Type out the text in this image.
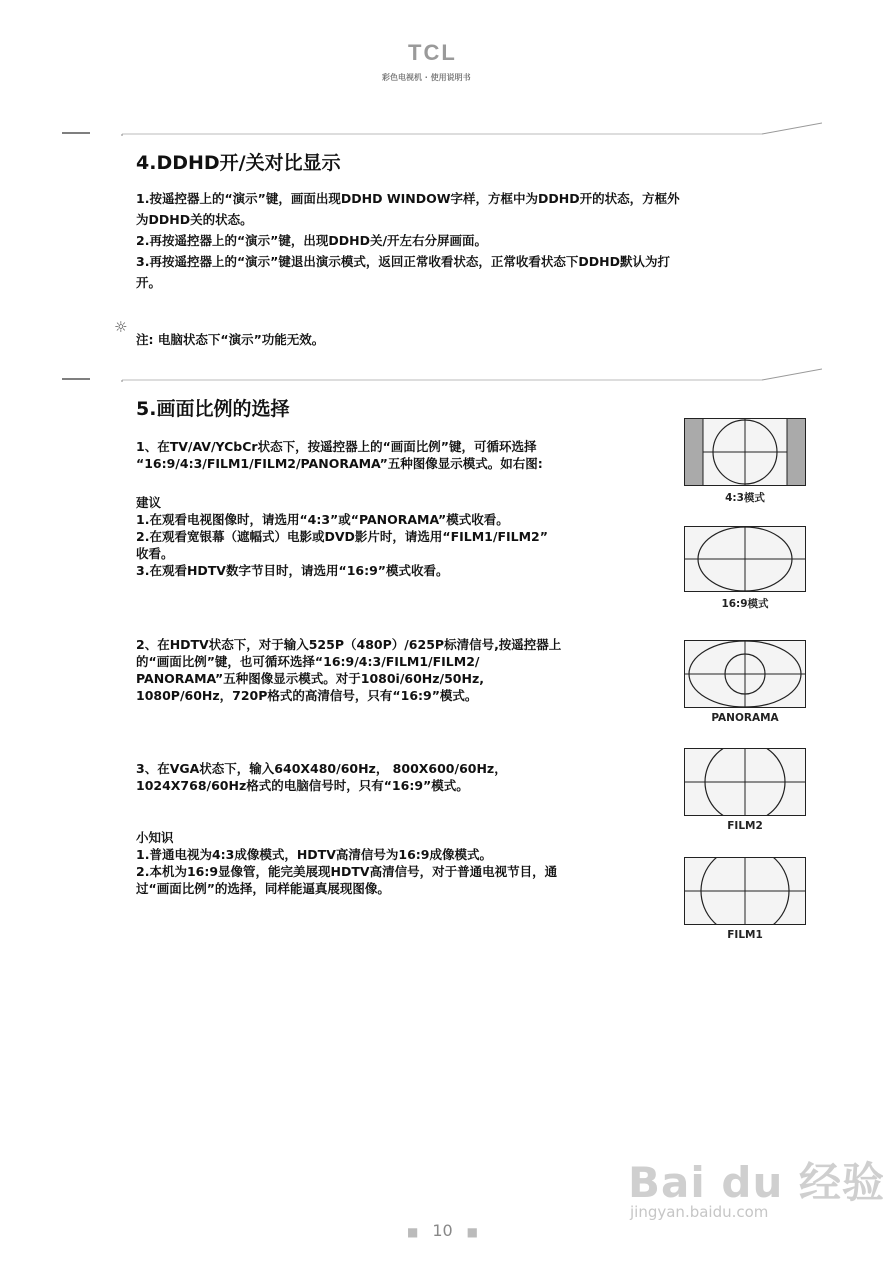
TCL
彩色电视机 · 使用说明书
4.DDHD开/关对比显示

1.按遥控器上的“演示”键，画面出现DDHD WINDOW字样，方框中为DDHD开的状态，方框外

为DDHD关的状态。

2.再按遥控器上的“演示”键，出现DDHD关/开左右分屏画面。

3.再按遥控器上的“演示”键退出演示模式，返回正常收看状态，正常收看状态下DDHD默认为打

开。

☼
注: 电脑状态下“演示”功能无效。
5.画面比例的选择

1、在TV/AV/YCbCr状态下，按遥控器上的“画面比例”键，可循环选择

“16:9/4:3/FILM1/FILM2/PANORAMA”五种图像显示模式。如右图:

建议

1.在观看电视图像时，请选用“4:3”或“PANORAMA”模式收看。

2.在观看宽银幕（遮幅式）电影或DVD影片时，请选用“FILM1/FILM2”

收看。

3.在观看HDTV数字节目时，请选用“16:9”模式收看。

2、在HDTV状态下，对于输入525P（480P）/625P标清信号,按遥控器上

的“画面比例”键，也可循环选择“16:9/4:3/FILM1/FILM2/

PANORAMA”五种图像显示模式。对于1080i/60Hz/50Hz,

1080P/60Hz，720P格式的高清信号，只有“16:9”模式。

3、在VGA状态下，输入640X480/60Hz， 800X600/60Hz，

1024X768/60Hz格式的电脑信号时，只有“16:9”模式。

小知识

1.普通电视为4:3成像模式，HDTV高清信号为16:9成像模式。

2.本机为16:9显像管，能完美展现HDTV高清信号，对于普通电视节目，通

过“画面比例”的选择，同样能逼真展现图像。

4:3模式
16:9模式
PANORAMA
FILM2
FILM1
Bai du 经验
jingyan.baidu.com
■ 10 ■
